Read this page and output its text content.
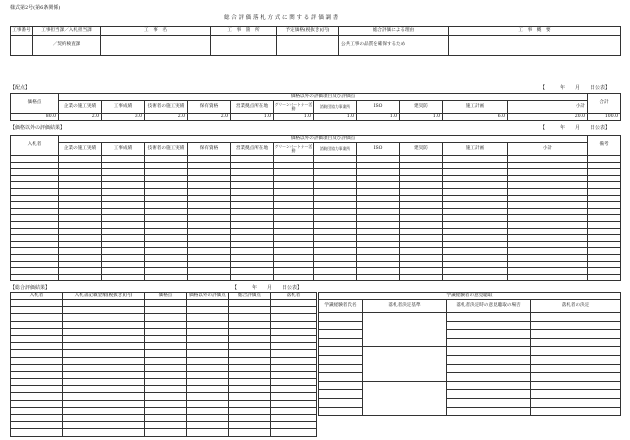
様式第2号(第6条関係)
総 合 評 価 落 札 方 式 に 関 す る 評 価 調 書
工事番号	工事担当課／入札担当課	工　事　名	工　事　箇　所	予定価格(税抜き)(円)	総合評価による理由	工　事　概　要
	／契約検査課				公共工事の品質を確保するため	
【配点】	【　　　年　　月　　日公表】
価格点	価格以外の評価項目及び評価点											合計
	企業の施工実績	工事成績	技術者の施工実績	保有資格	営業拠点所在地	グリーンパートナー活動	消防団協力事業所	ISO	建災防	施工計画	小計	
80.0	2.0	3.0	2.0	2.0	1.0	1.0	1.0	1.0	1.0	6.0	20.0	100.0
【価格以外の評価結果】	【　　　年　　月　　日公表】
入札者	価格以外の評価項目及び評価点											備考
	企業の施工実績	工事成績	技術者の施工実績	保有資格	営業拠点所在地	グリーンパートナー活動	消防団協力事業所	ISO	建災防	施工計画	小計	

【総合評価結果】	【　　　年　　月　　日公表】
入札者	入札書記載金額(税抜き)(円)	価格点	価格以外の評価点	総合評価点	落札者

						学識経験者の意見聴取			
学識経験者氏名	落札者決定基準	落札者決定時の意見聴取の場否	落札者の決定
